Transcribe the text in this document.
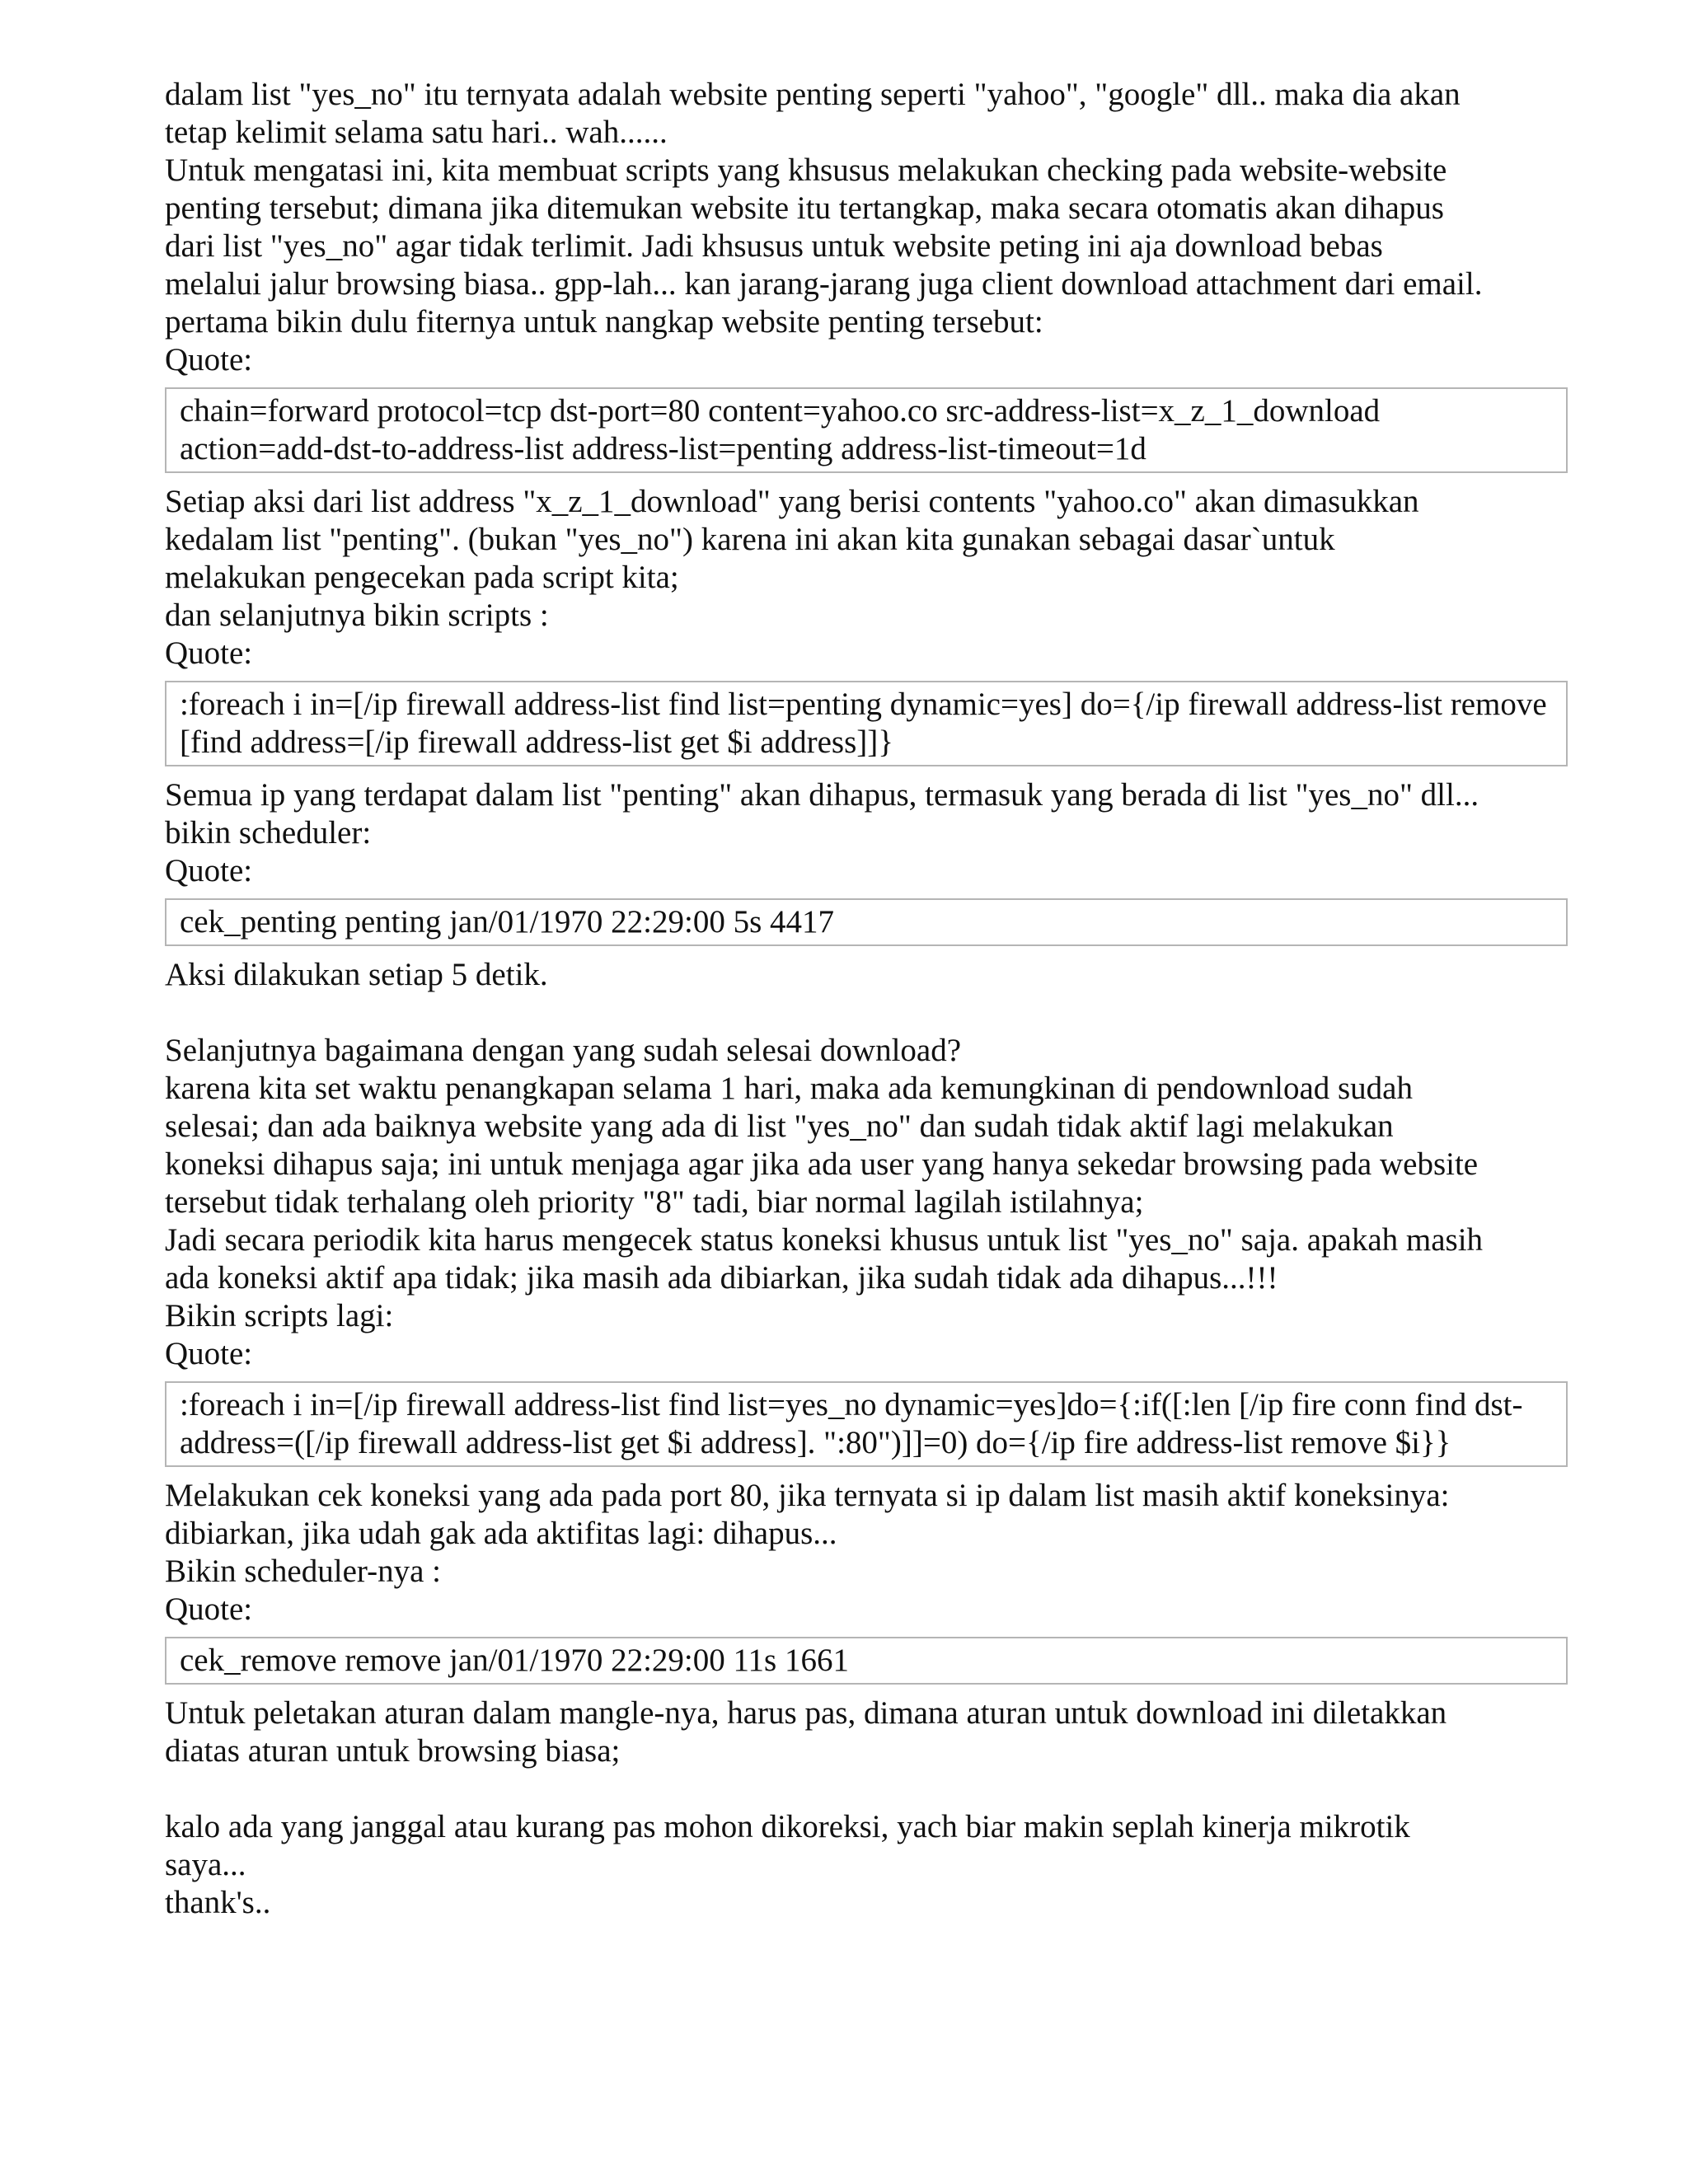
dalam list "yes_no" itu ternyata adalah website penting seperti "yahoo", "google" dll.. maka dia akan
tetap kelimit selama satu hari.. wah......
Untuk mengatasi ini, kita membuat scripts yang khsusus melakukan checking pada website-website
penting tersebut; dimana jika ditemukan website itu tertangkap, maka secara otomatis akan dihapus
dari list "yes_no" agar tidak terlimit. Jadi khsusus untuk website peting ini aja download bebas
melalui jalur browsing biasa.. gpp-lah... kan jarang-jarang juga client download attachment dari email.
pertama bikin dulu fiternya untuk nangkap website penting tersebut:
Quote:
chain=forward protocol=tcp dst-port=80 content=yahoo.co src-address-list=x_z_1_download
action=add-dst-to-address-list address-list=penting address-list-timeout=1d
Setiap aksi dari list address "x_z_1_download" yang berisi contents "yahoo.co" akan dimasukkan
kedalam list "penting". (bukan "yes_no") karena ini akan kita gunakan sebagai dasar`untuk
melakukan pengecekan pada script kita;
dan selanjutnya bikin scripts :
Quote:
:foreach i in=[/ip firewall address-list find list=penting dynamic=yes] do={/ip firewall address-list remove
[find address=[/ip firewall address-list get $i address]]}
Semua ip yang terdapat dalam list "penting" akan dihapus, termasuk yang berada di list "yes_no" dll...
bikin scheduler:
Quote:
cek_penting penting jan/01/1970 22:29:00 5s 4417
Aksi dilakukan setiap 5 detik.
Selanjutnya bagaimana dengan yang sudah selesai download?
karena kita set waktu penangkapan selama 1 hari, maka ada kemungkinan di pendownload sudah
selesai; dan ada baiknya website yang ada di list "yes_no" dan sudah tidak aktif lagi melakukan
koneksi dihapus saja; ini untuk menjaga agar jika ada user yang hanya sekedar browsing pada website
tersebut tidak terhalang oleh priority "8" tadi, biar normal lagilah istilahnya;
Jadi secara periodik kita harus mengecek status koneksi khusus untuk list "yes_no" saja. apakah masih
ada koneksi aktif apa tidak; jika masih ada dibiarkan, jika sudah tidak ada dihapus...!!!
Bikin scripts lagi:
Quote:
:foreach i in=[/ip firewall address-list find list=yes_no dynamic=yes]do={:if([:len [/ip fire conn find dst-
address=([/ip firewall address-list get $i address]. ":80")]]=0) do={/ip fire address-list remove $i}}
Melakukan cek koneksi yang ada pada port 80, jika ternyata si ip dalam list masih aktif koneksinya:
dibiarkan, jika udah gak ada aktifitas lagi: dihapus...
Bikin scheduler-nya :
Quote:
cek_remove remove jan/01/1970 22:29:00 11s 1661
Untuk peletakan aturan dalam mangle-nya, harus pas, dimana aturan untuk download ini diletakkan
diatas aturan untuk browsing biasa;
kalo ada yang janggal atau kurang pas mohon dikoreksi, yach biar makin seplah kinerja mikrotik
saya...
thank's..
